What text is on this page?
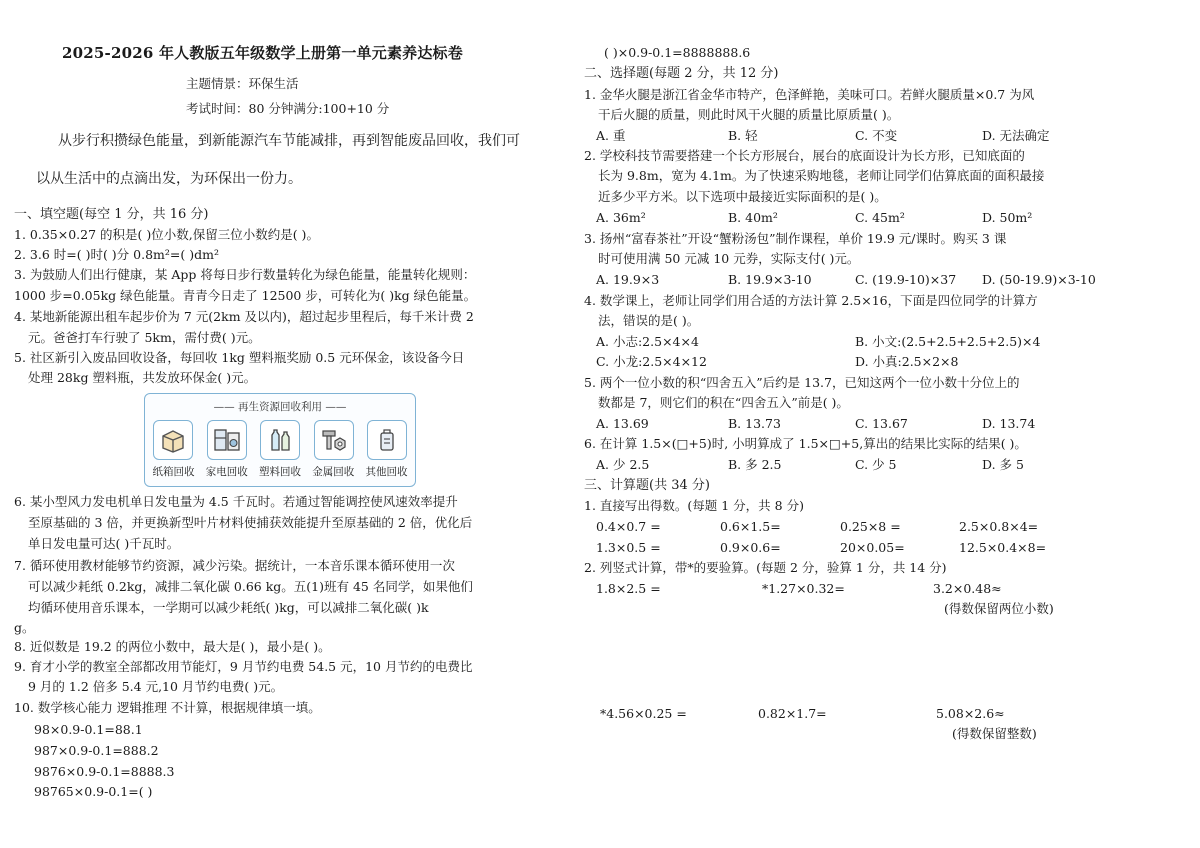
2025-2026 年人教版五年级数学上册第一单元素养达标卷
主题情景：环保生活
考试时间：80 分钟满分:100+10 分
从步行积攒绿色能量，到新能源汽车节能减排，再到智能废品回收，我们可
以从生活中的点滴出发，为环保出一份力。
一、填空题(每空 1 分，共 16 分)
1. 0.35×0.27 的积是( )位小数,保留三位小数约是( )。
2. 3.6 时=( )时( )分 0.8m²=( )dm²
3. 为鼓励人们出行健康，某 App 将每日步行数量转化为绿色能量，能量转化规则：
1000 步=0.05kg 绿色能量。青青今日走了 12500 步，可转化为( )kg 绿色能量。
4. 某地新能源出租车起步价为 7 元(2km 及以内)，超过起步里程后，每千米计费 2
元。爸爸打车行驶了 5km，需付费( )元。
5. 社区新引入废品回收设备，每回收 1kg 塑料瓶奖励 0.5 元环保金，该设备今日
处理 28kg 塑料瓶，共发放环保金( )元。
6. 某小型风力发电机单日发电量为 4.5 千瓦时。若通过智能调控使风速效率提升
至原基础的 3 倍，并更换新型叶片材料使捕获效能提升至原基础的 2 倍，优化后
单日发电量可达( )千瓦时。
7. 循环使用教材能够节约资源，减少污染。据统计，一本音乐课本循环使用一次
可以减少耗纸 0.2kg，减排二氧化碳 0.66 kg。五(1)班有 45 名同学，如果他们
均循环使用音乐课本，一学期可以减少耗纸( )kg，可以减排二氧化碳( )k
g。
8. 近似数是 19.2 的两位小数中，最大是( )，最小是( )。
9. 育才小学的教室全部都改用节能灯，9 月节约电费 54.5 元，10 月节约的电费比
9 月的 1.2 倍多 5.4 元,10 月节约电费( )元。
10. 数学核心能力 逻辑推理 不计算，根据规律填一填。
98×0.9-0.1=88.1
987×0.9-0.1=888.2
9876×0.9-0.1=8888.3
98765×0.9-0.1=( )
—— 再生资源回收利用 ——
纸箱回收	家电回收	塑料回收	金属回收	其他回收
( )×0.9-0.1=8888888.6
二、选择题(每题 2 分，共 12 分)
1. 金华火腿是浙江省金华市特产，色泽鲜艳，美味可口。若鲜火腿质量×0.7 为风
干后火腿的质量，则此时风干火腿的质量比原质量( )。
A. 重	B. 轻	C. 不变	D. 无法确定
2. 学校科技节需要搭建一个长方形展台，展台的底面设计为长方形，已知底面的
长为 9.8m，宽为 4.1m。为了快速采购地毯，老师让同学们估算底面的面积最接
近多少平方米。以下选项中最接近实际面积的是( )。
A. 36m²	B. 40m²	C. 45m²	D. 50m²
3. 扬州“富春茶社”开设“蟹粉汤包”制作课程，单价 19.9 元/课时。购买 3 课
时可使用满 50 元减 10 元券，实际支付( )元。
A. 19.9×3	B. 19.9×3-10	C. (19.9-10)×37 D. (50-19.9)×3-10
4. 数学课上，老师让同学们用合适的方法计算 2.5×16，下面是四位同学的计算方
法，错误的是( )。
A. 小志:2.5×4×4	B. 小文:(2.5+2.5+2.5+2.5)×4
C. 小龙:2.5×4×12	D. 小真:2.5×2×8
5. 两个一位小数的积“四舍五入”后约是 13.7，已知这两个一位小数十分位上的
数都是 7，则它们的积在“四舍五入”前是( )。
A. 13.69	B. 13.73	C. 13.67	D. 13.74
6. 在计算 1.5×(□+5)时, 小明算成了 1.5×□+5,算出的结果比实际的结果( )。
A. 少 2.5	B. 多 2.5	C. 少 5	D. 多 5
三、计算题(共 34 分)
1. 直接写出得数。(每题 1 分，共 8 分)
0.4×0.7 =	0.6×1.5=	0.25×8 =	2.5×0.8×4=
1.3×0.5 =	0.9×0.6=	20×0.05=	12.5×0.4×8=
2. 列竖式计算，带*的要验算。(每题 2 分，验算 1 分，共 14 分)
1.8×2.5 =	*1.27×0.32=	3.2×0.48≈
(得数保留两位小数)
*4.56×0.25 =	0.82×1.7=	5.08×2.6≈
(得数保留整数)
